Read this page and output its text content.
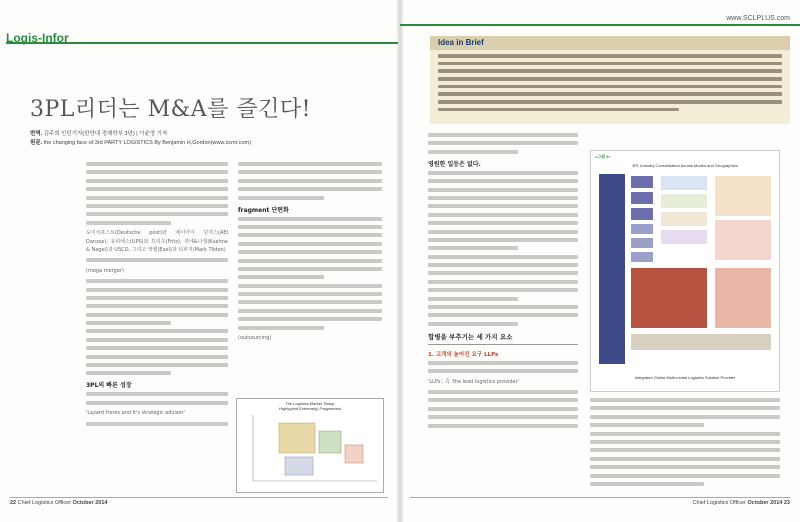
www.SCLPLUS.com
Logis-Infor
3PL리더는 M&A를 즐긴다!
번역. 김주희 인턴기자(한양대 경제학부 3년) | 이윤영 기자
원문. the changing face of 3rd PARTY LOGISTICS By Benjamin H,Gordon(www.scmr.com)

도이치포스트(Deutsche post)와 에이아이 단자스(AEI Danzas), 유피에스(UPS)와 프리츠(Fritz), 퀴네&나겔(Kuehne & Nagel)과 USCO, 그리고 엑셀(Exel)과 티피지(Mark Tilden)

(mega merger)

3PL의 빠른 성장

'Lazard freres and it's strategic advisor'

fragment 단편화

(outsourcing)

The Logistics Market Today:
Highly(and Extremely) Fragmented
Idea in Brief
영원한 일등은 없다.
합병을 부추기는 세 가지 요소
1. 고객의 높아진 요구 LLPs

'LLPs', 즉 'the lead logistics provider'

<그림 2>
3PL Industry Consolidation Across Modes and Geographies
Integrated Global Multi-modal Logistics Solution Provider
22 Chief Logistics Officer October 2014	Chief Logistics Officer October 2014 23
